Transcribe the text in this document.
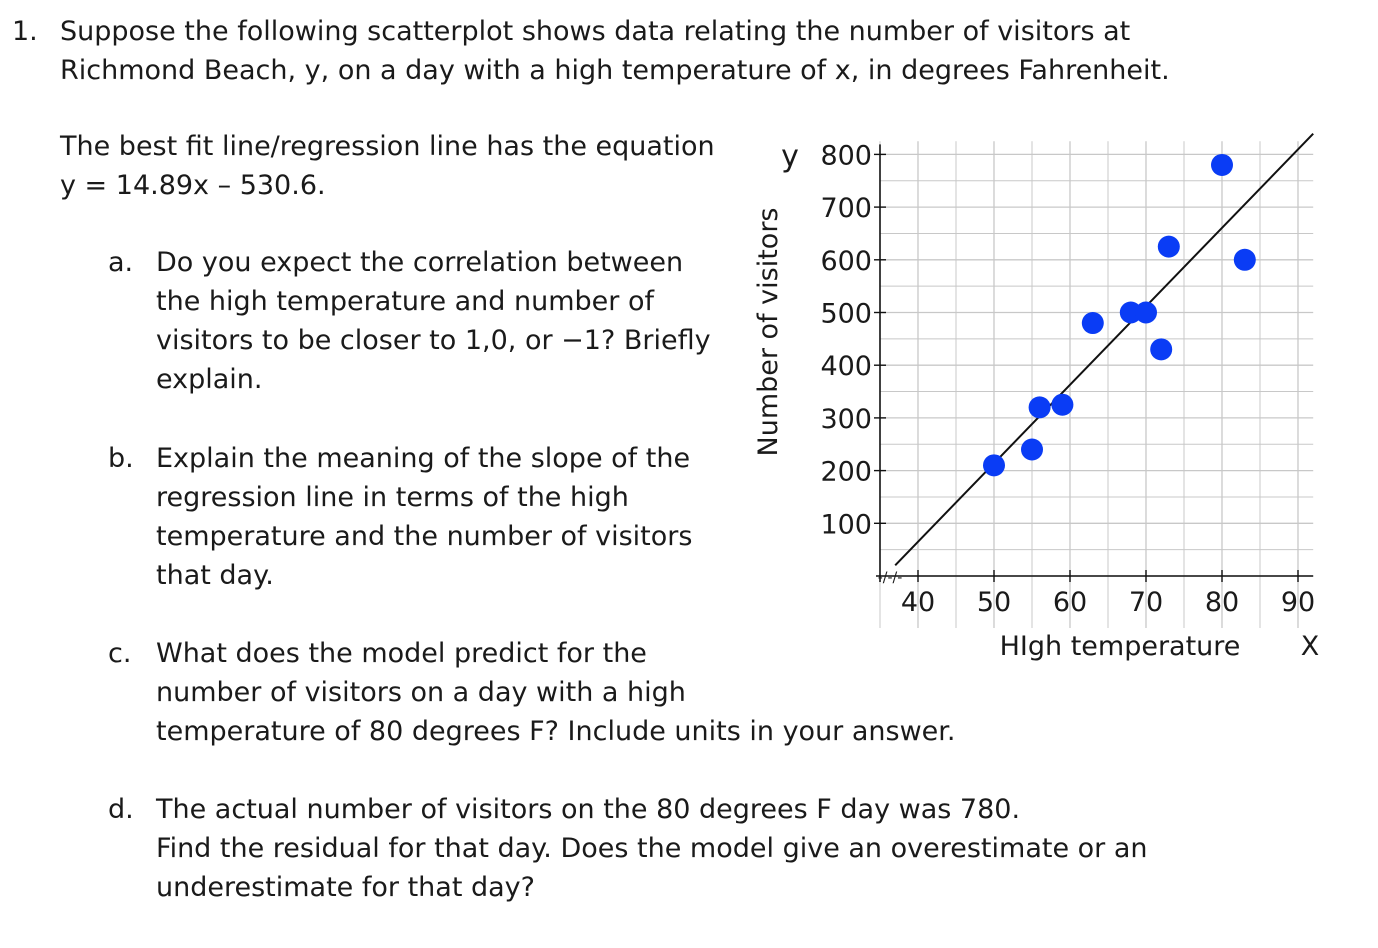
1. Suppose the following scatterplot shows data relating the number of visitors at
Richmond Beach, y, on a day with a high temperature of x, in degrees Fahrenheit.
The best fit line/regression line has the equation
y = 14.89x – 530.6.
a. Do you expect the correlation between
the high temperature and number of
visitors to be closer to 1,0, or −1? Briefly
explain.
b. Explain the meaning of the slope of the
regression line in terms of the high
temperature and the number of visitors
that day.
c. What does the model predict for the
number of visitors on a day with a high
temperature of 80 degrees F? Include units in your answer.
d. The actual number of visitors on the 80 degrees F day was 780.
Find the residual for that day. Does the model give an overestimate or an
underestimate for that day?
100
200
300
400
500
600
700
800
40 50 60 70 80 90
Number of visitors
HIgh temperature X
y
-/-/-
